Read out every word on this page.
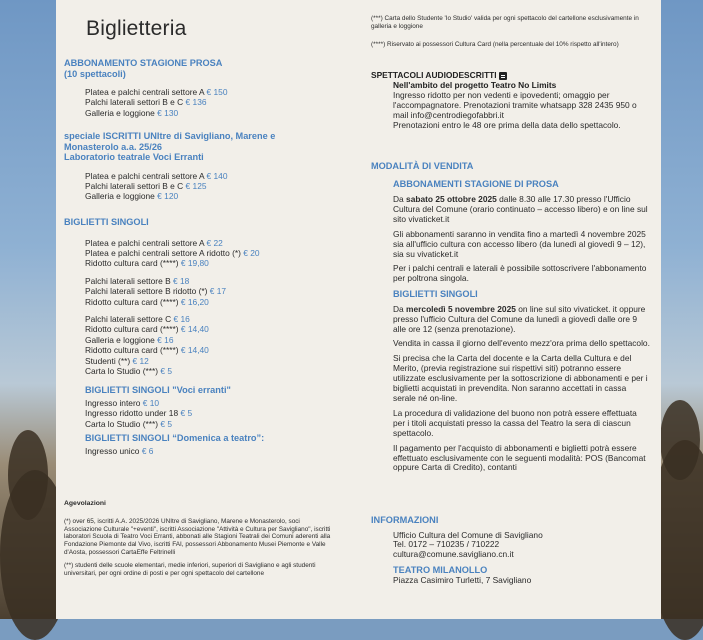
Biglietteria
ABBONAMENTO STAGIONE PROSA
(10 spettacoli)
Platea e palchi centrali settore A € 150
Palchi laterali settori B e C € 136
Galleria e loggione € 130
speciale ISCRITTI UNItre di Savigliano, Marene e
Monasterolo a.a. 25/26
Laboratorio teatrale Voci Erranti
Platea e palchi centrali settore A € 140
Palchi laterali settori B e C € 125
Galleria e loggione € 120
BIGLIETTI SINGOLI
Platea e palchi centrali settore A € 22
Platea e palchi centrali settore A ridotto (*) € 20
Ridotto cultura card (****) € 19,80
Palchi laterali settore B € 18
Palchi laterali settore B ridotto (*) € 17
Ridotto cultura card (****) € 16,20
Palchi laterali settore C € 16
Ridotto cultura card (****) € 14,40
Galleria e loggione € 16
Ridotto cultura card (****) € 14,40
Studenti (**) € 12
Carta lo Studio (***) € 5
BIGLIETTI SINGOLI "Voci erranti"
Ingresso intero € 10
Ingresso ridotto under 18 € 5
Carta lo Studio (***) € 5
BIGLIETTI SINGOLI “Domenica a teatro”:
Ingresso unico € 6
Agevolazioni

(*) over 65, iscritti A.A. 2025/2026 UNItre di Savigliano, Marene e Monasterolo, soci Associazione Culturale "+eventi", iscritti Associazione "Attività e Cultura per Savigliano", iscritti laboratori Scuola di Teatro Voci Erranti, abbonati alle Stagioni Teatrali dei Comuni aderenti alla Fondazione Piemonte dal Vivo, iscritti FAI, possessori Abbonamento Musei Piemonte e Valle d'Aosta, possessori CartaEffe Feltrinelli

(**) studenti delle scuole elementari, medie inferiori, superiori di Savigliano e agli studenti universitari, per ogni ordine di posti e per ogni spettacolo del cartellone

(***) Carta dello Studente 'Io Studio' valida per ogni spettacolo del cartellone esclusivamente in galleria e loggione

(****) Riservato ai possessori Cultura Card (nella percentuale del 10% rispetto all'intero)

SPETTACOLI AUDIODESCRITTI
Nell'ambito del progetto Teatro No Limits

Ingresso ridotto per non vedenti e ipovedenti; omaggio per l'accompagnatore. Prenotazioni tramite whatsapp 328 2435 950 o mail info@centrodiegofabbri.it

Prenotazioni entro le 48 ore prima della data dello spettacolo.

MODALITÀ DI VENDITA
ABBONAMENTI STAGIONE DI PROSA

Da sabato 25 ottobre 2025 dalle 8.30 alle 17.30 presso l'Ufficio Cultura del Comune (orario continuato – accesso libero) e on line sul sito vivaticket.it

Gli abbonamenti saranno in vendita fino a martedì 4 novembre 2025 sia all'ufficio cultura con accesso libero (da lunedì al giovedì 9 – 12), sia su vivaticket.it

Per i palchi centrali e laterali è possibile sottoscrivere l'abbonamento per poltrona singola.

BIGLIETTI SINGOLI

Da mercoledì 5 novembre 2025 on line sul sito vivaticket. it oppure presso l'ufficio Cultura del Comune da lunedì a giovedì dalle ore 9 alle ore 12 (senza prenotazione).

Vendita in cassa il giorno dell'evento mezz'ora prima dello spettacolo.

Si precisa che la Carta del docente e la Carta della Cultura e del Merito, (previa registrazione sui rispettivi siti) potranno essere utilizzate esclusivamente per la sottoscrizione di abbonamenti e per i biglietti acquistati in prevendita. Non saranno accettati in cassa serale né on-line.

La procedura di validazione del buono non potrà essere effettuata per i titoli acquistati presso la cassa del Teatro la sera di ciascun spettacolo.

Il pagamento per l'acquisto di abbonamenti e biglietti potrà essere effettuato esclusivamente con le seguenti modalità: POS (Bancomat oppure Carta di Credito), contanti

INFORMAZIONI
Ufficio Cultura del Comune di Savigliano
Tel. 0172 – 710235 / 710222
cultura@comune.savigliano.cn.it
TEATRO MILANOLLO
Piazza Casimiro Turletti, 7 Savigliano
